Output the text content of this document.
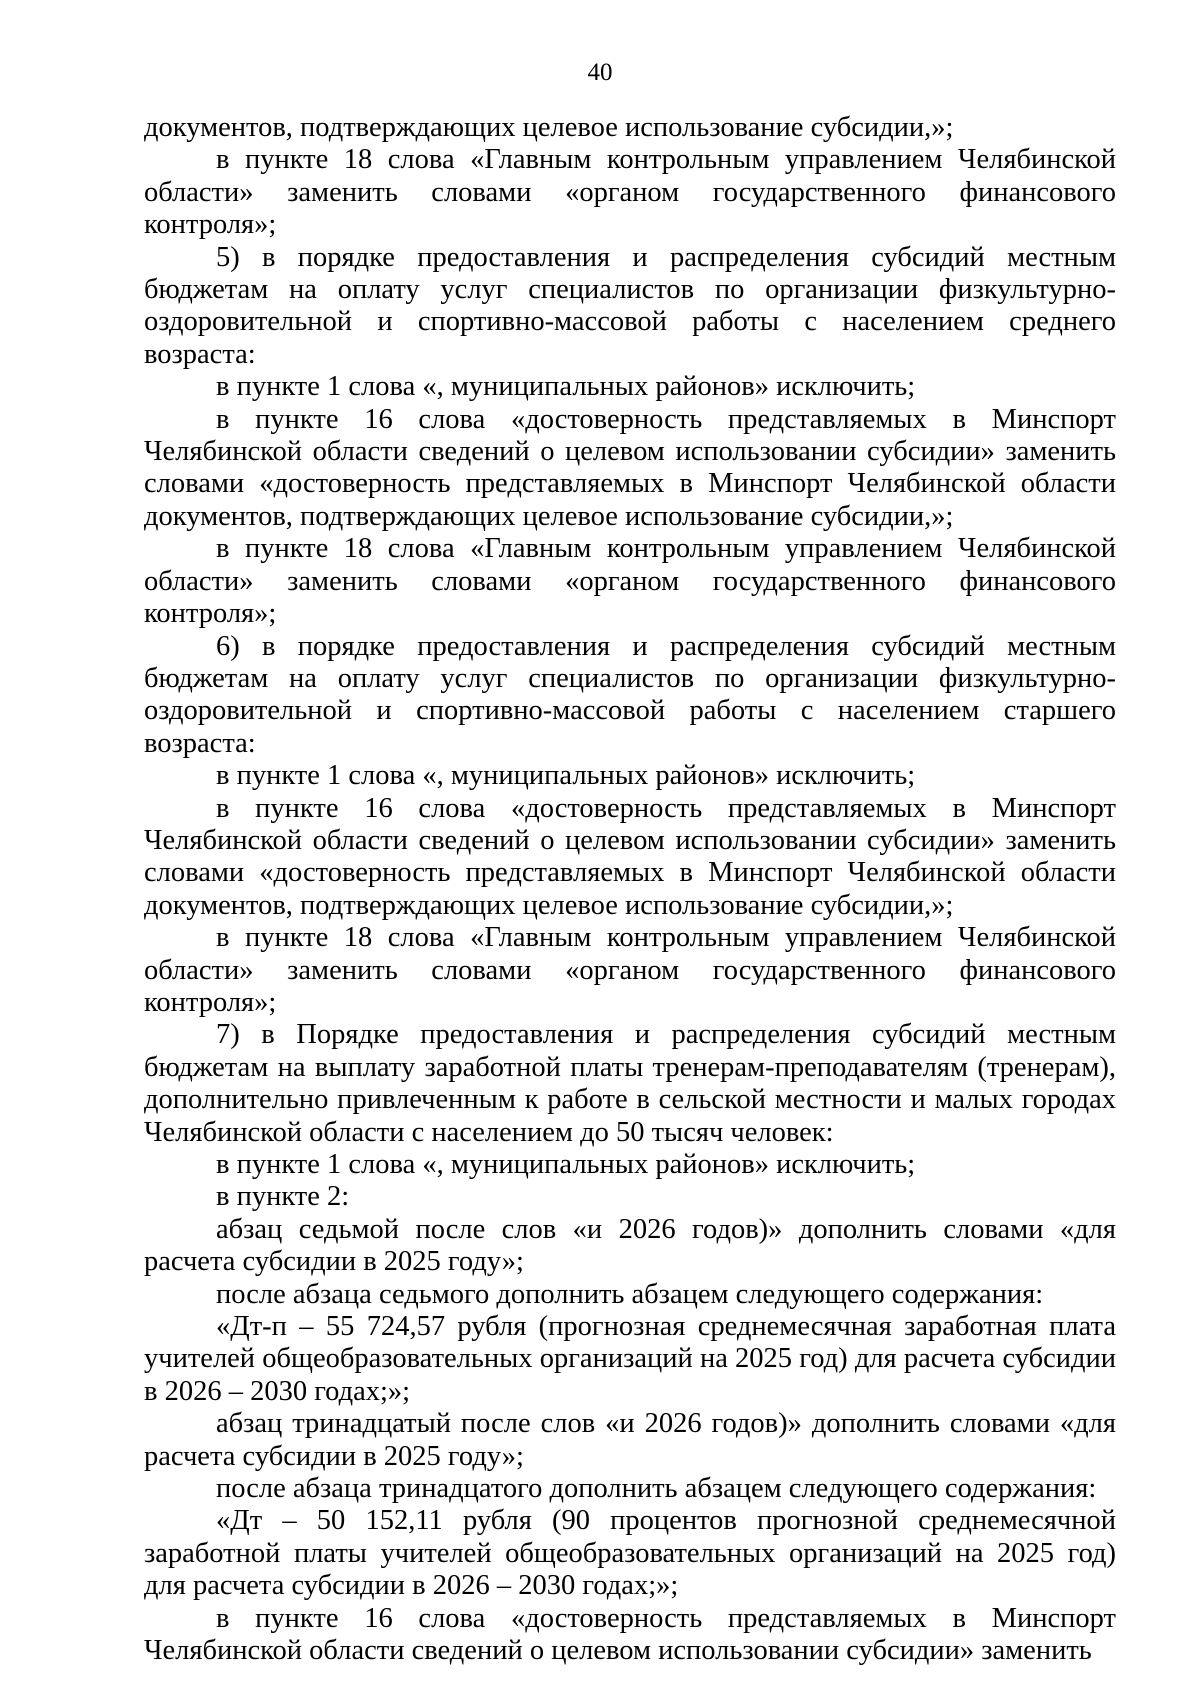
40

документов, подтверждающих целевое использование субсидии,»;

в пункте 18 слова «Главным контрольным управлением Челябинской области» заменить словами «органом государственного финансового контроля»;

5) в порядке предоставления и распределения субсидий местным бюджетам на оплату услуг специалистов по организации физкультурно-оздоровительной и спортивно-массовой работы с населением среднего возраста:

в пункте 1 слова «, муниципальных районов» исключить;

в пункте 16 слова «достоверность представляемых в Минспорт Челябинской области сведений о целевом использовании субсидии» заменить словами «достоверность представляемых в Минспорт Челябинской области документов, подтверждающих целевое использование субсидии,»;

в пункте 18 слова «Главным контрольным управлением Челябинской области» заменить словами «органом государственного финансового контроля»;

6) в порядке предоставления и распределения субсидий местным бюджетам на оплату услуг специалистов по организации физкультурно-оздоровительной и спортивно-массовой работы с населением старшего возраста:

в пункте 1 слова «, муниципальных районов» исключить;

в пункте 16 слова «достоверность представляемых в Минспорт Челябинской области сведений о целевом использовании субсидии» заменить словами «достоверность представляемых в Минспорт Челябинской области документов, подтверждающих целевое использование субсидии,»;

в пункте 18 слова «Главным контрольным управлением Челябинской области» заменить словами «органом государственного финансового контроля»;

7) в Порядке предоставления и распределения субсидий местным бюджетам на выплату заработной платы тренерам-преподавателям (тренерам), дополнительно привлеченным к работе в сельской местности и малых городах Челябинской области с населением до 50 тысяч человек:

в пункте 1 слова «, муниципальных районов» исключить;

в пункте 2:

абзац седьмой после слов «и 2026 годов)» дополнить словами «для расчета субсидии в 2025 году»;

после абзаца седьмого дополнить абзацем следующего содержания:

«Дт-п – 55 724,57 рубля (прогнозная среднемесячная заработная плата учителей общеобразовательных организаций на 2025 год) для расчета субсидии в 2026 – 2030 годах;»;

абзац тринадцатый после слов «и 2026 годов)» дополнить словами «для расчета субсидии в 2025 году»;

после абзаца тринадцатого дополнить абзацем следующего содержания:

«Дт – 50 152,11 рубля (90 процентов прогнозной среднемесячной заработной платы учителей общеобразовательных организаций на 2025 год) для расчета субсидии в 2026 – 2030 годах;»;

в пункте 16 слова «достоверность представляемых в Минспорт Челябинской области сведений о целевом использовании субсидии» заменить
